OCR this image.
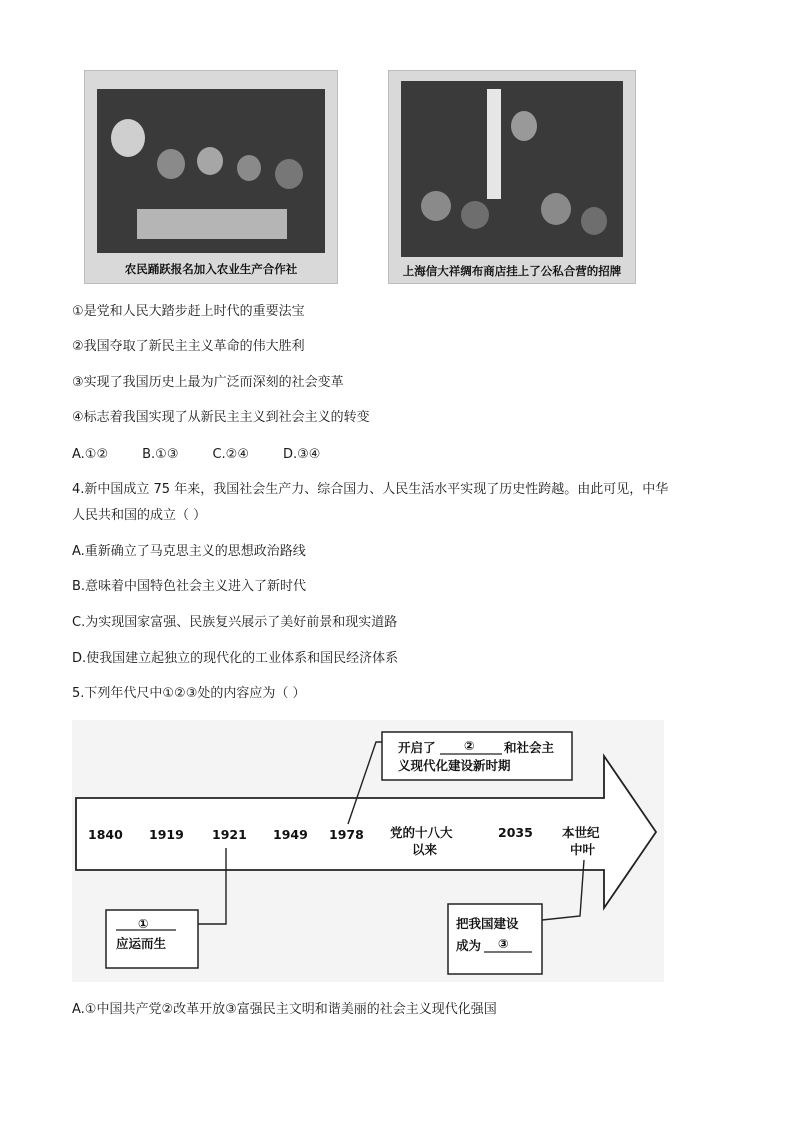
农民踊跃报名加入农业生产合作社	上海信大祥绸布商店挂上了公私合营的招牌
①是党和人民大踏步赶上时代的重要法宝
②我国夺取了新民主主义革命的伟大胜利
③实现了我国历史上最为广泛而深刻的社会变革
④标志着我国实现了从新民主主义到社会主义的转变
A.①②	B.①③	C.②④	D.③④
4.新中国成立 75 年来，我国社会生产力、综合国力、人民生活水平实现了历史性跨越。由此可见，中华
人民共和国的成立（ ）
A.重新确立了马克思主义的思想政治路线
B.意味着中国特色社会主义进入了新时代
C.为实现国家富强、民族复兴展示了美好前景和现实道路
D.使我国建立起独立的现代化的工业体系和国民经济体系
5.下列年代尺中①②③处的内容应为（ ）
1840 1919 1921 1949 1978 党的十八大
以来
2035 本世纪
中叶
开启了 ② 和社会主
义现代化建设新时期
①
应运而生
把我国建设
成为 ③
A.①中国共产党②改革开放③富强民主文明和谐美丽的社会主义现代化强国
